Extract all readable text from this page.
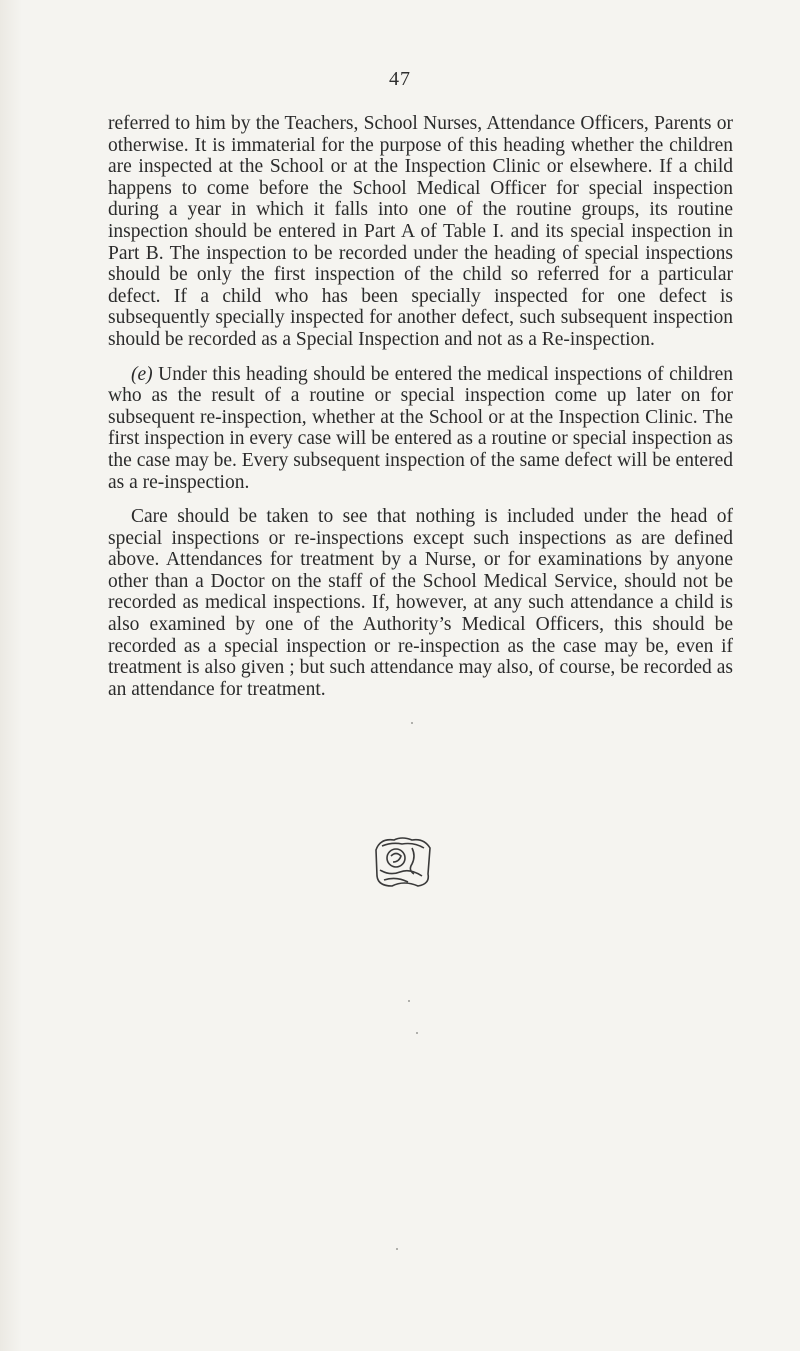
47

referred to him by the Teachers, School Nurses, Attendance Officers, Parents or otherwise. It is immaterial for the purpose of this heading whether the children are inspected at the School or at the Inspection Clinic or elsewhere. If a child happens to come before the School Medical Officer for special inspection during a year in which it falls into one of the routine groups, its routine inspection should be entered in Part A of Table I. and its special inspection in Part B. The inspection to be recorded under the heading of special inspections should be only the first inspection of the child so referred for a particular defect. If a child who has been specially inspected for one defect is subsequently specially inspected for another defect, such subsequent inspection should be recorded as a Special Inspection and not as a Re-inspection.

(e) Under this heading should be entered the medical inspections of children who as the result of a routine or special inspection come up later on for subsequent re-inspection, whether at the School or at the Inspection Clinic. The first inspection in every case will be entered as a routine or special inspection as the case may be. Every subsequent inspection of the same defect will be entered as a re-inspection.

Care should be taken to see that nothing is included under the head of special inspections or re-inspections except such inspections as are defined above. Attendances for treatment by a Nurse, or for examinations by anyone other than a Doctor on the staff of the School Medical Service, should not be recorded as medical inspections. If, however, at any such attendance a child is also examined by one of the Authority’s Medical Officers, this should be recorded as a special inspection or re-inspection as the case may be, even if treatment is also given ; but such attendance may also, of course, be recorded as an attendance for treatment.
